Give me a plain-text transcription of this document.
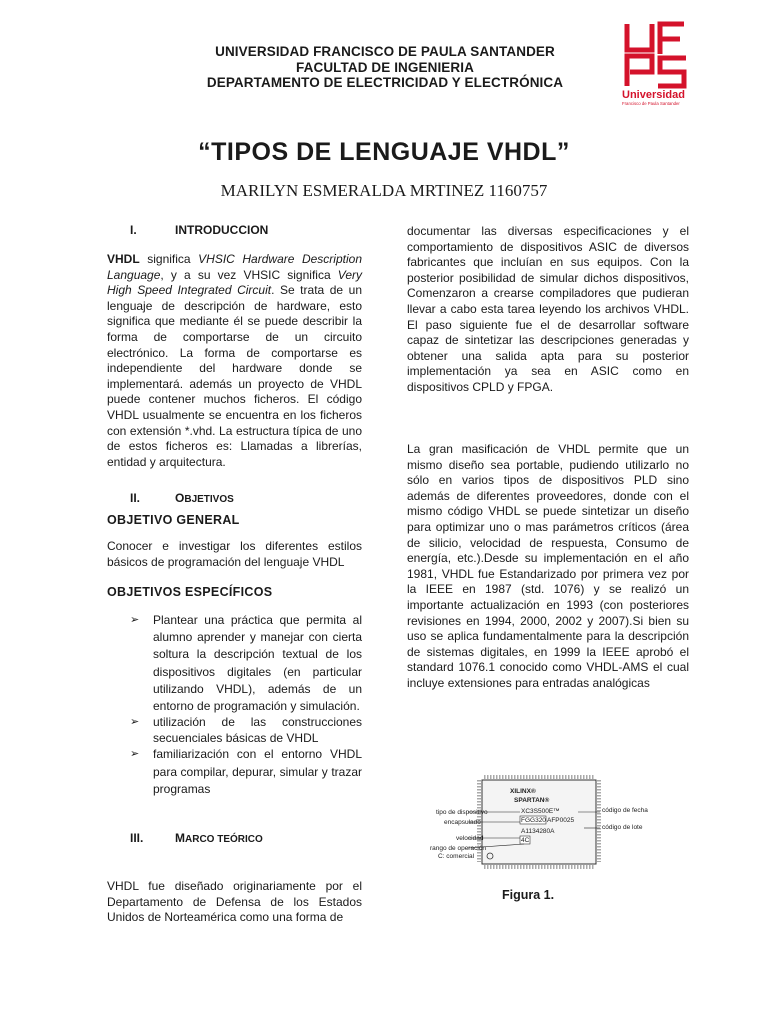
UNIVERSIDAD FRANCISCO DE PAULA SANTANDER
FACULTAD DE INGENIERIA
DEPARTAMENTO DE ELECTRICIDAD Y ELECTRÓNICA
Universidad
Francisco de Paula Santander
“TIPOS DE LENGUAJE VHDL”
MARILYN ESMERALDA MRTINEZ 1160757
I.	INTRODUCCION
VHDL significa VHSIC Hardware Description Language, y a su vez VHSIC significa Very High Speed Integrated Circuit. Se trata de un lenguaje de descripción de hardware, esto significa que mediante él se puede describir la forma de comportarse de un circuito electrónico. La forma de comportarse es independiente del hardware donde se implementará. además un proyecto de VHDL puede contener muchos ficheros. El código VHDL usualmente se encuentra en los ficheros con extensión *.vhd. La estructura típica de uno de estos ficheros es: Llamadas a librerías, entidad y arquitectura.
II.	OBJETIVOS
OBJETIVO GENERAL
Conocer e investigar los diferentes estilos básicos de programación del lenguaje VHDL
OBJETIVOS ESPECÍFICOS
➢ Plantear una práctica que permita al alumno aprender y manejar con cierta soltura la descripción textual de los dispositivos digitales (en particular utilizando VHDL), además de un entorno de programación y simulación.
➢ utilización de las construcciones secuenciales básicas de VHDL
➢ familiarización con el entorno VHDL para compilar, depurar, simular y trazar programas
III.	MARCO TEÓRICO
VHDL fue diseñado originariamente por el Departamento de Defensa de los Estados Unidos de Norteamérica como una forma de
documentar las diversas especificaciones y el comportamiento de dispositivos ASIC de diversos fabricantes que incluían en sus equipos. Con la posterior posibilidad de simular dichos dispositivos, Comenzaron a crearse compiladores que pudieran llevar a cabo esta tarea leyendo los archivos VHDL. El paso siguiente fue el de desarrollar software capaz de sintetizar las descripciones generadas y obtener una salida apta para su posterior implementación ya sea en ASIC como en dispositivos CPLD y FPGA.
La gran masificación de VHDL permite que un mismo diseño sea portable, pudiendo utilizarlo no sólo en varios tipos de dispositivos PLD sino además de diferentes proveedores, donde con el mismo código VHDL se puede sintetizar un diseño para optimizar uno o mas parámetros críticos (área de silicio, velocidad de respuesta, Consumo de energía, etc.).Desde su implementación en el año 1981, VHDL fue Estandarizado por primera vez por la IEEE en 1987 (std. 1076) y se realizó un importante actualización en 1993 (con posteriores revisiones en 1994, 2000, 2002 y 2007).Si bien su uso se aplica fundamentalmente para la descripción de sistemas digitales, en 1999 la IEEE aprobó el standard 1076.1 conocido como VHDL-AMS el cual incluye extensiones para entradas analógicas
XILINX®
SPARTAN®
XC3S500E™
FGG320 AFP0025
A1134280A
4C
tipo de dispositivo
encapsulado
velocidad
rango de operación
C: comercial
código de fecha
código de lote
Figura 1.
